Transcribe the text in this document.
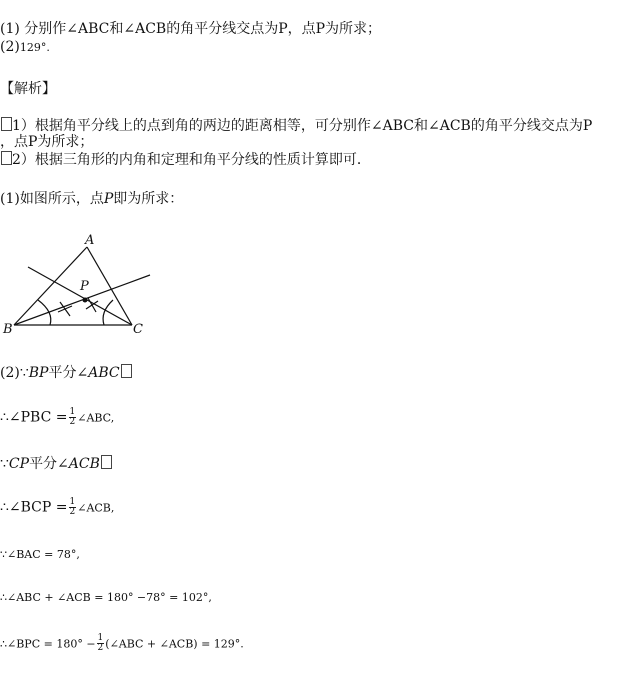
(1) 分别作∠ABC和∠ACB的角平分线交点为P，点P为所求；
(2)129°.
【解析】
1）根据角平分线上的点到角的两边的距离相等，可分别作∠ABC和∠ACB的角平分线交点为P
，点P为所求；
2）根据三角形的内角和定理和角平分线的性质计算即可．
(1)如图所示，点P即为所求：
A
P
B	C
(2)∵BP平分∠ABC
∴∠PBC = $\frac{1}{2}$ ∠ABC,
∵CP平分∠ACB
∴∠BCP = $\frac{1}{2}$ ∠ACB,
∵∠BAC = 78°,
∴∠ABC + ∠ACB = 180° −78° = 102°,
∴∠BPC = $180^\circ - \frac{1}{2}$ (∠ABC + ∠ACB) = 129°.
